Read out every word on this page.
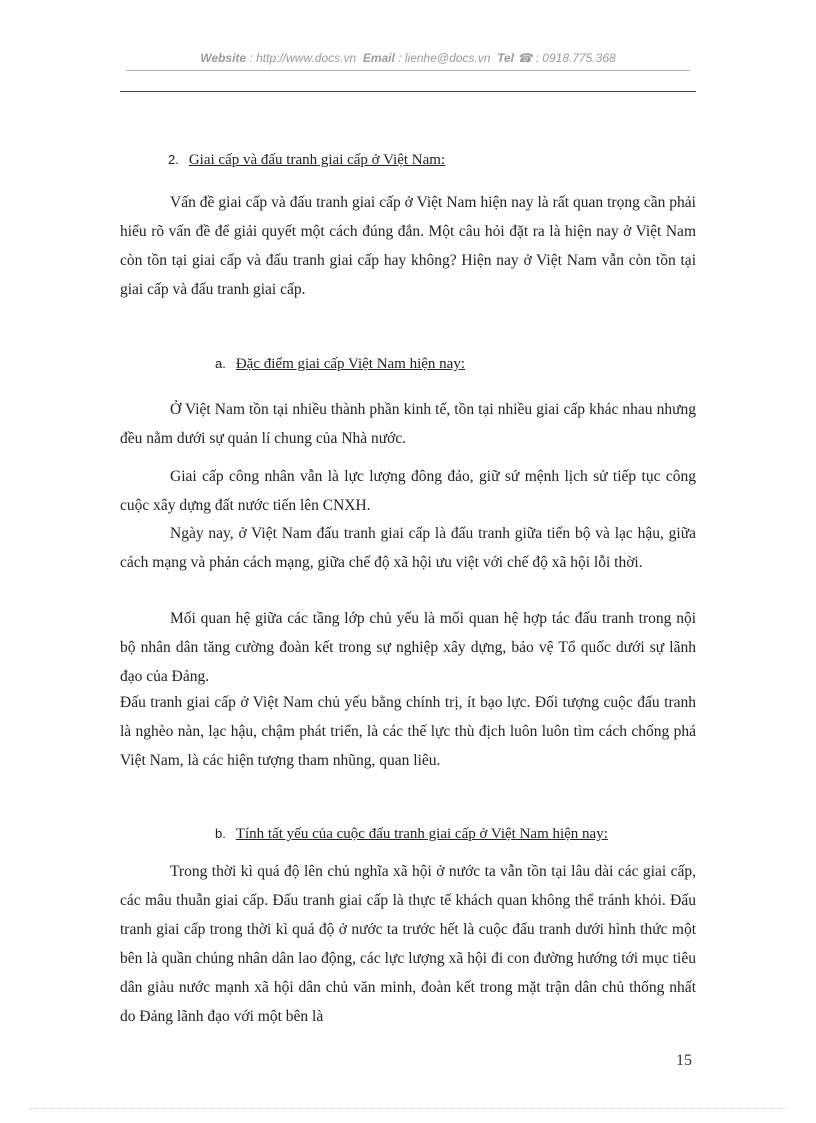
Website : http://www.docs.vn Email : lienhe@docs.vn Tel ☎ : 0918.775.368
2. Giai cấp và đấu tranh giai cấp ở Việt Nam:
Vấn đề giai cấp và đấu tranh giai cấp ở Việt Nam hiện nay là rất quan trọng cần phải hiểu rõ vấn đề để giải quyết một cách đúng đắn. Một câu hỏi đặt ra là hiện nay ở Việt Nam còn tồn tại giai cấp và đấu tranh giai cấp hay không? Hiện nay ở Việt Nam vẫn còn tồn tại giai cấp và đấu tranh giai cấp.
a. Đặc điểm giai cấp Việt Nam hiện nay:
Ở Việt Nam tồn tại nhiều thành phần kinh tế, tồn tại nhiều giai cấp khác nhau nhưng đều nằm dưới sự quản lí chung của Nhà nước.
Giai cấp công nhân vẫn là lực lượng đông đảo, giữ sứ mệnh lịch sử tiếp tục công cuộc xây dựng đất nước tiến lên CNXH.
Ngày nay, ở Việt Nam đấu tranh giai cấp là đấu tranh giữa tiến bộ và lạc hậu, giữa cách mạng và phản cách mạng, giữa chế độ xã hội ưu việt với chế độ xã hội lỗi thời.
Mối quan hệ giữa các tầng lớp chủ yếu là mối quan hệ hợp tác đấu tranh trong nội bộ nhân dân tăng cường đoàn kết trong sự nghiệp xây dựng, bảo vệ Tổ quốc dưới sự lãnh đạo của Đảng.
Đấu tranh giai cấp ở Việt Nam chủ yếu bằng chính trị, ít bạo lực. Đối tượng cuộc đấu tranh là nghèo nàn, lạc hậu, chậm phát triển, là các thế lực thù địch luôn luôn tìm cách chống phá Việt Nam, là các hiện tượng tham nhũng, quan liêu.
b. Tính tất yếu của cuộc đấu tranh giai cấp ở Việt Nam hiện nay:
Trong thời kì quá độ lên chủ nghĩa xã hội ở nước ta vẫn tồn tại lâu dài các giai cấp, các mâu thuẫn giai cấp. Đấu tranh giai cấp là thực tế khách quan không thể tránh khỏi. Đấu tranh giai cấp trong thời kì quá độ ở nước ta trước hết là cuộc đấu tranh dưới hình thức một bên là quần chúng nhân dân lao động, các lực lượng xã hội đi con đường hướng tới mục tiêu dân giàu nước mạnh xã hội dân chủ văn minh, đoàn kết trong mặt trận dân chủ thống nhất do Đảng lãnh đạo với một bên là
15
